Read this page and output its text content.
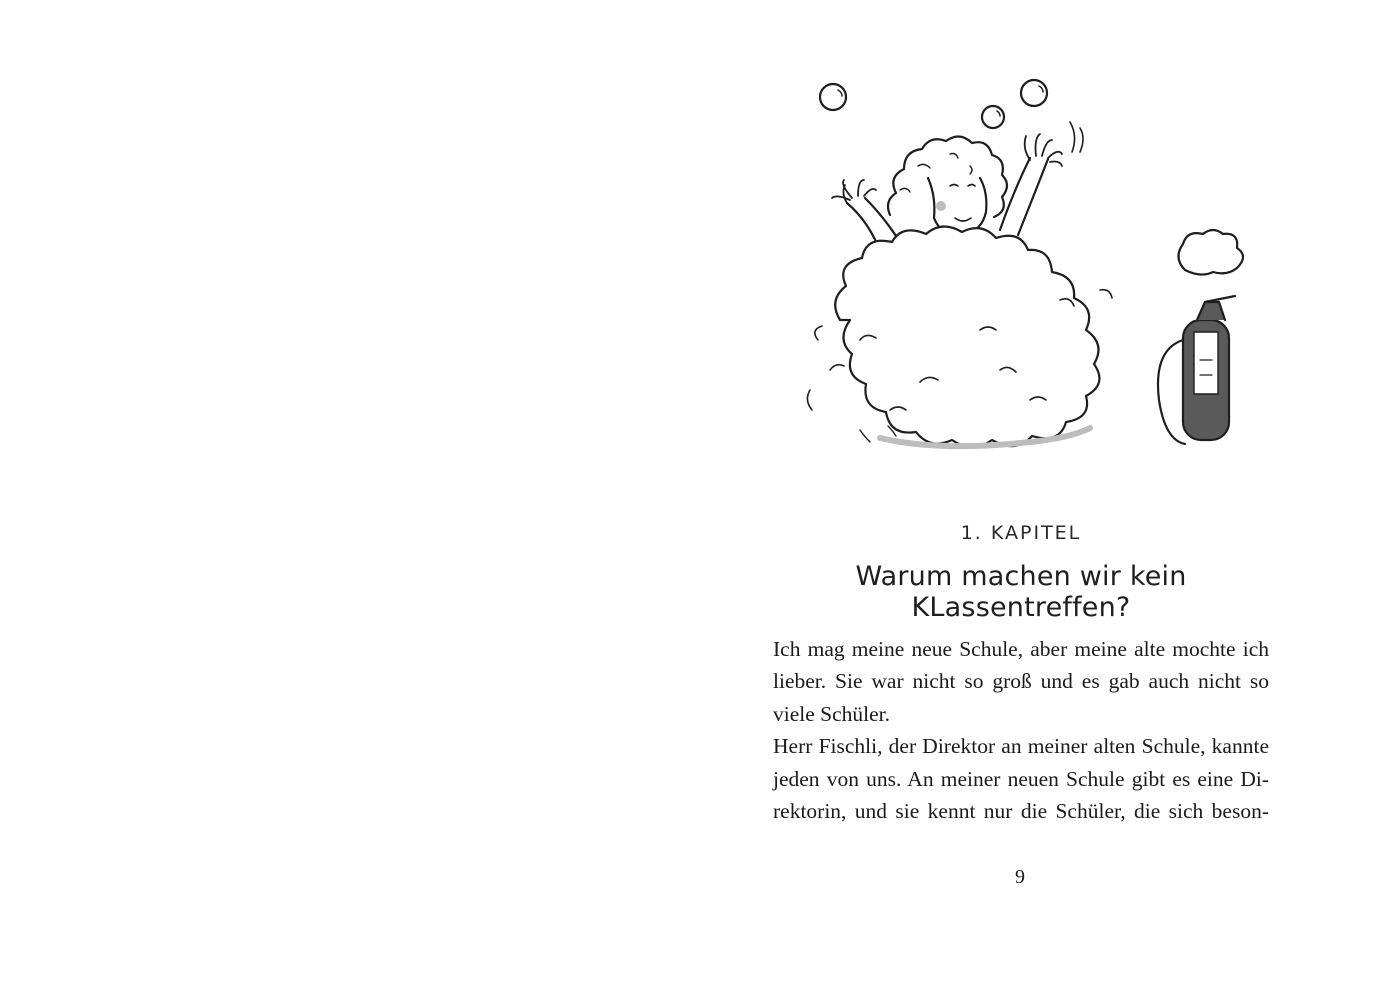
1. KAPITEL
Warum machen wir kein KLassentreffen?
Ich mag meine neue Schule, aber meine alte mochte ich
lieber. Sie war nicht so groß und es gab auch nicht so
viele Schüler.
Herr Fischli, der Direktor an meiner alten Schule, kannte
jeden von uns. An meiner neuen Schule gibt es eine Di-
rektorin, und sie kennt nur die Schüler, die sich beson-
9
